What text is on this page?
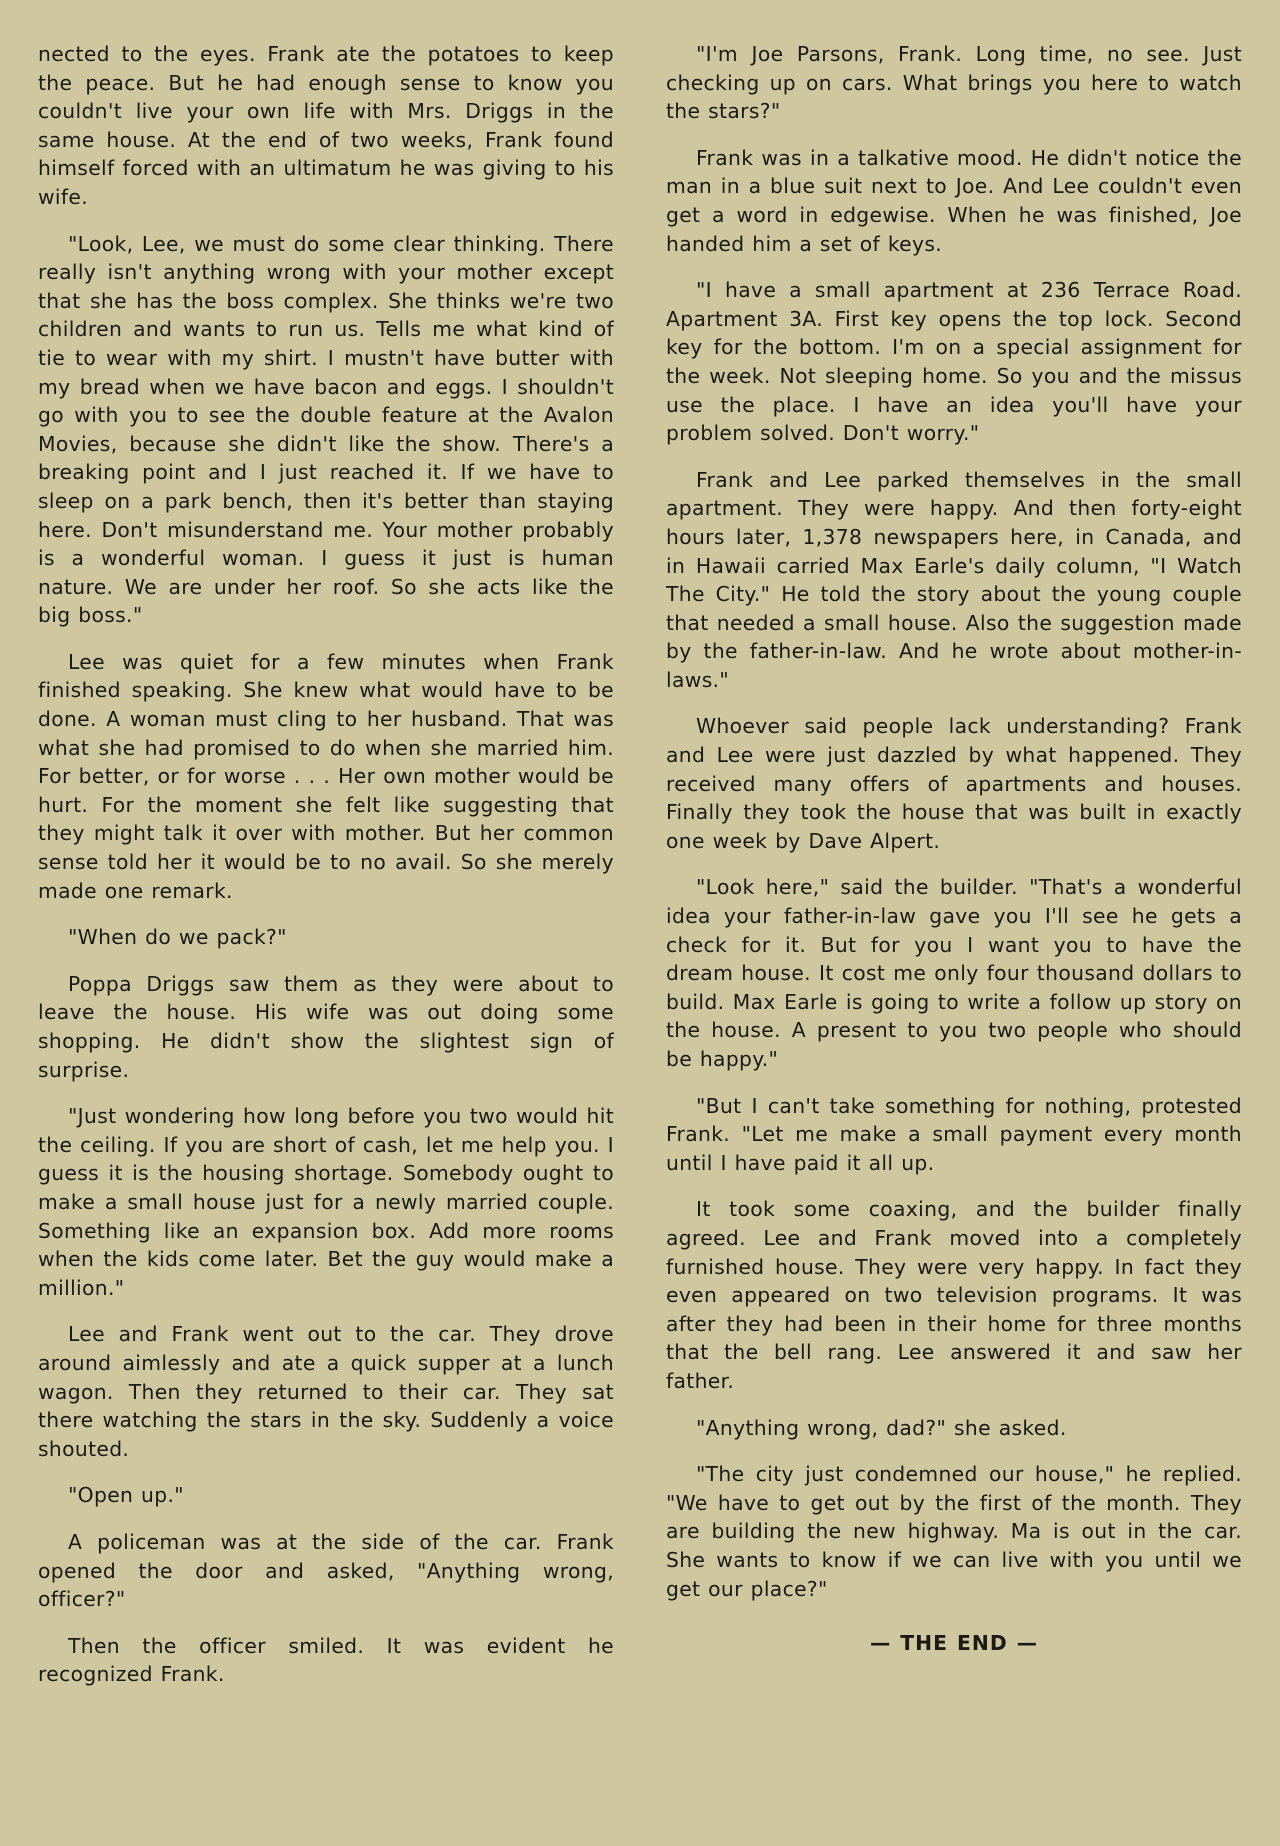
nected to the eyes. Frank ate the potatoes to keep the peace. But he had enough sense to know you couldn't live your own life with Mrs. Driggs in the same house. At the end of two weeks, Frank found himself forced with an ultimatum he was giving to his wife.

"Look, Lee, we must do some clear thinking. There really isn't anything wrong with your mother except that she has the boss complex. She thinks we're two children and wants to run us. Tells me what kind of tie to wear with my shirt. I mustn't have butter with my bread when we have bacon and eggs. I shouldn't go with you to see the double feature at the Avalon Movies, because she didn't like the show. There's a breaking point and I just reached it. If we have to sleep on a park bench, then it's better than staying here. Don't misunderstand me. Your mother probably is a wonderful woman. I guess it just is human nature. We are under her roof. So she acts like the big boss."

Lee was quiet for a few minutes when Frank finished speaking. She knew what would have to be done. A woman must cling to her husband. That was what she had promised to do when she married him. For better, or for worse . . . Her own mother would be hurt. For the moment she felt like suggesting that they might talk it over with mother. But her common sense told her it would be to no avail. So she merely made one remark.

"When do we pack?"

Poppa Driggs saw them as they were about to leave the house. His wife was out doing some shopping. He didn't show the slightest sign of surprise.

"Just wondering how long before you two would hit the ceiling. If you are short of cash, let me help you. I guess it is the housing shortage. Somebody ought to make a small house just for a newly married couple. Something like an expansion box. Add more rooms when the kids come later. Bet the guy would make a million."

Lee and Frank went out to the car. They drove around aimlessly and ate a quick supper at a lunch wagon. Then they returned to their car. They sat there watching the stars in the sky. Suddenly a voice shouted.

"Open up."

A policeman was at the side of the car. Frank opened the door and asked, "Anything wrong, officer?"

Then the officer smiled. It was evident he recognized Frank.

"I'm Joe Parsons, Frank. Long time, no see. Just checking up on cars. What brings you here to watch the stars?"

Frank was in a talkative mood. He didn't notice the man in a blue suit next to Joe. And Lee couldn't even get a word in edgewise. When he was finished, Joe handed him a set of keys.

"I have a small apartment at 236 Terrace Road. Apartment 3A. First key opens the top lock. Second key for the bottom. I'm on a special assignment for the week. Not sleeping home. So you and the missus use the place. I have an idea you'll have your problem solved. Don't worry."

Frank and Lee parked themselves in the small apartment. They were happy. And then forty-eight hours later, 1,378 newspapers here, in Canada, and in Hawaii carried Max Earle's daily column, "I Watch The City." He told the story about the young couple that needed a small house. Also the suggestion made by the father-in-law. And he wrote about mother-in-laws."

Whoever said people lack understanding? Frank and Lee were just dazzled by what happened. They received many offers of apartments and houses. Finally they took the house that was built in exactly one week by Dave Alpert.

"Look here," said the builder. "That's a wonderful idea your father-in-law gave you I'll see he gets a check for it. But for you I want you to have the dream house. It cost me only four thousand dollars to build. Max Earle is going to write a follow up story on the house. A present to you two people who should be happy."

"But I can't take something for nothing, protested Frank. "Let me make a small payment every month until I have paid it all up.

It took some coaxing, and the builder finally agreed. Lee and Frank moved into a completely furnished house. They were very happy. In fact they even appeared on two television programs. It was after they had been in their home for three months that the bell rang. Lee answered it and saw her father.

"Anything wrong, dad?" she asked.

"The city just condemned our house," he replied. "We have to get out by the first of the month. They are building the new highway. Ma is out in the car. She wants to know if we can live with you until we get our place?"

— THE END —
